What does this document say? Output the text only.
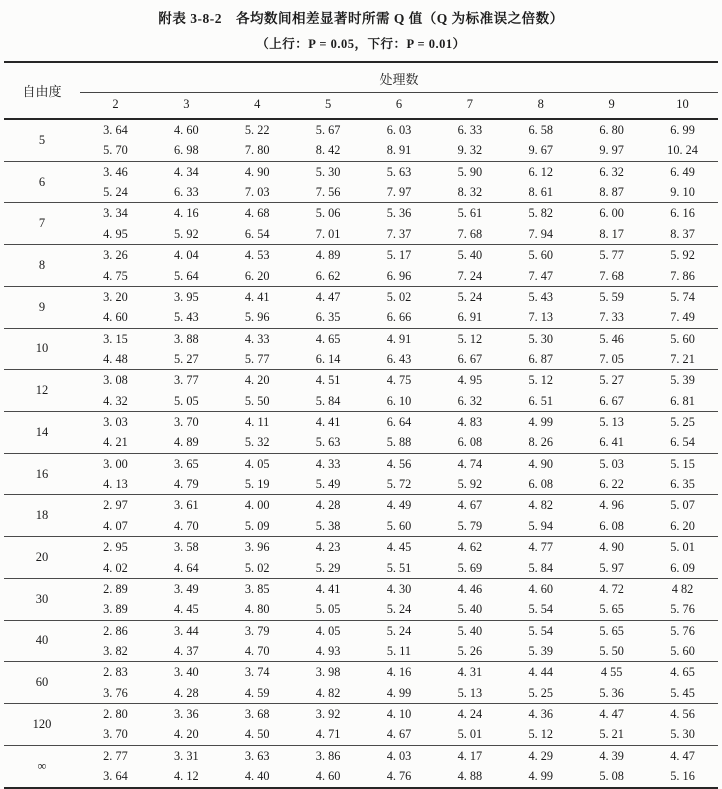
附表 3-8-2　各均数间相差显著时所需 Q 值（Q 为标准误之倍数）
（上行：P = 0.05，下行：P = 0.01）
自由度
处理数
2	3	4	5	6	7	8	9	10
5
3. 64	4. 60	5. 22	5. 67	6. 03	6. 33	6. 58	6. 80	6. 99
5. 70	6. 98	7. 80	8. 42	8. 91	9. 32	9. 67	9. 97	10. 24
6
3. 46	4. 34	4. 90	5. 30	5. 63	5. 90	6. 12	6. 32	6. 49
5. 24	6. 33	7. 03	7. 56	7. 97	8. 32	8. 61	8. 87	9. 10
7
3. 34	4. 16	4. 68	5. 06	5. 36	5. 61	5. 82	6. 00	6. 16
4. 95	5. 92	6. 54	7. 01	7. 37	7. 68	7. 94	8. 17	8. 37
8
3. 26	4. 04	4. 53	4. 89	5. 17	5. 40	5. 60	5. 77	5. 92
4. 75	5. 64	6. 20	6. 62	6. 96	7. 24	7. 47	7. 68	7. 86
9
3. 20	3. 95	4. 41	4. 47	5. 02	5. 24	5. 43	5. 59	5. 74
4. 60	5. 43	5. 96	6. 35	6. 66	6. 91	7. 13	7. 33	7. 49
10
3. 15	3. 88	4. 33	4. 65	4. 91	5. 12	5. 30	5. 46	5. 60
4. 48	5. 27	5. 77	6. 14	6. 43	6. 67	6. 87	7. 05	7. 21
12
3. 08	3. 77	4. 20	4. 51	4. 75	4. 95	5. 12	5. 27	5. 39
4. 32	5. 05	5. 50	5. 84	6. 10	6. 32	6. 51	6. 67	6. 81
14
3. 03	3. 70	4. 11	4. 41	6. 64	4. 83	4. 99	5. 13	5. 25
4. 21	4. 89	5. 32	5. 63	5. 88	6. 08	8. 26	6. 41	6. 54
16
3. 00	3. 65	4. 05	4. 33	4. 56	4. 74	4. 90	5. 03	5. 15
4. 13	4. 79	5. 19	5. 49	5. 72	5. 92	6. 08	6. 22	6. 35
18
2. 97	3. 61	4. 00	4. 28	4. 49	4. 67	4. 82	4. 96	5. 07
4. 07	4. 70	5. 09	5. 38	5. 60	5. 79	5. 94	6. 08	6. 20
20
2. 95	3. 58	3. 96	4. 23	4. 45	4. 62	4. 77	4. 90	5. 01
4. 02	4. 64	5. 02	5. 29	5. 51	5. 69	5. 84	5. 97	6. 09
30
2. 89	3. 49	3. 85	4. 41	4. 30	4. 46	4. 60	4. 72	4 82
3. 89	4. 45	4. 80	5. 05	5. 24	5. 40	5. 54	5. 65	5. 76
40
2. 86	3. 44	3. 79	4. 05	5. 24	5. 40	5. 54	5. 65	5. 76
3. 82	4. 37	4. 70	4. 93	5. 11	5. 26	5. 39	5. 50	5. 60
60
2. 83	3. 40	3. 74	3. 98	4. 16	4. 31	4. 44	4 55	4. 65
3. 76	4. 28	4. 59	4. 82	4. 99	5. 13	5. 25	5. 36	5. 45
120
2. 80	3. 36	3. 68	3. 92	4. 10	4. 24	4. 36	4. 47	4. 56
3. 70	4. 20	4. 50	4. 71	4. 67	5. 01	5. 12	5. 21	5. 30
∞
2. 77	3. 31	3. 63	3. 86	4. 03	4. 17	4. 29	4. 39	4. 47
3. 64	4. 12	4. 40	4. 60	4. 76	4. 88	4. 99	5. 08	5. 16
